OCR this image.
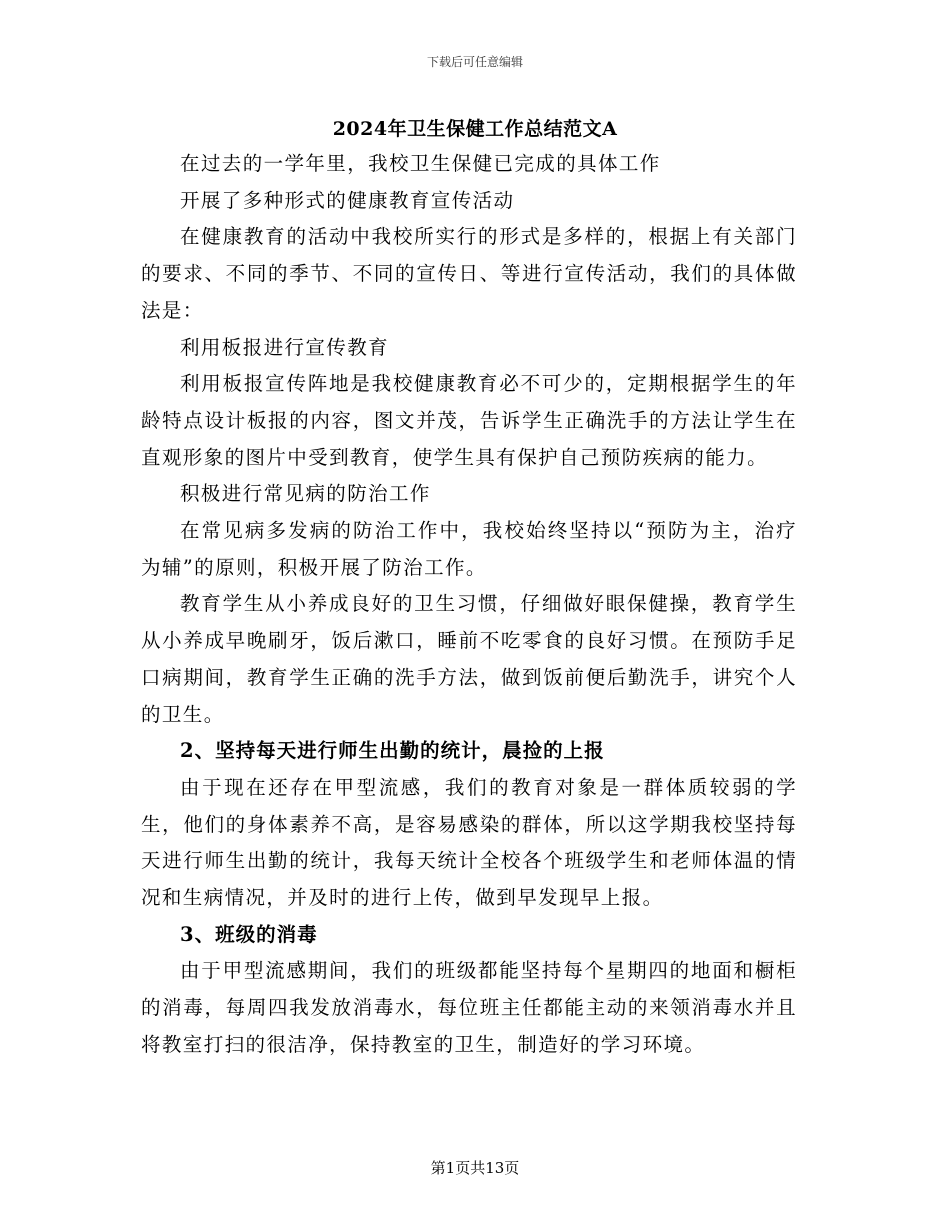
下载后可任意编辑
2024年卫生保健工作总结范文A

在过去的一学年里，我校卫生保健已完成的具体工作

开展了多种形式的健康教育宣传活动

在健康教育的活动中我校所实行的形式是多样的，根据上有关部门的要求、不同的季节、不同的宣传日、等进行宣传活动，我们的具体做法是：

利用板报进行宣传教育

利用板报宣传阵地是我校健康教育必不可少的，定期根据学生的年龄特点设计板报的内容，图文并茂，告诉学生正确洗手的方法让学生在直观形象的图片中受到教育，使学生具有保护自己预防疾病的能力。

积极进行常见病的防治工作

在常见病多发病的防治工作中，我校始终坚持以“预防为主，治疗为辅”的原则，积极开展了防治工作。

教育学生从小养成良好的卫生习惯，仔细做好眼保健操，教育学生从小养成早晚刷牙，饭后漱口，睡前不吃零食的良好习惯。在预防手足口病期间，教育学生正确的洗手方法，做到饭前便后勤洗手，讲究个人的卫生。

2、坚持每天进行师生出勤的统计，晨捡的上报

由于现在还存在甲型流感，我们的教育对象是一群体质较弱的学生，他们的身体素养不高，是容易感染的群体，所以这学期我校坚持每天进行师生出勤的统计，我每天统计全校各个班级学生和老师体温的情况和生病情况，并及时的进行上传，做到早发现早上报。

3、班级的消毒

由于甲型流感期间，我们的班级都能坚持每个星期四的地面和橱柜的消毒，每周四我发放消毒水，每位班主任都能主动的来领消毒水并且将教室打扫的很洁净，保持教室的卫生，制造好的学习环境。

第1页共13页
